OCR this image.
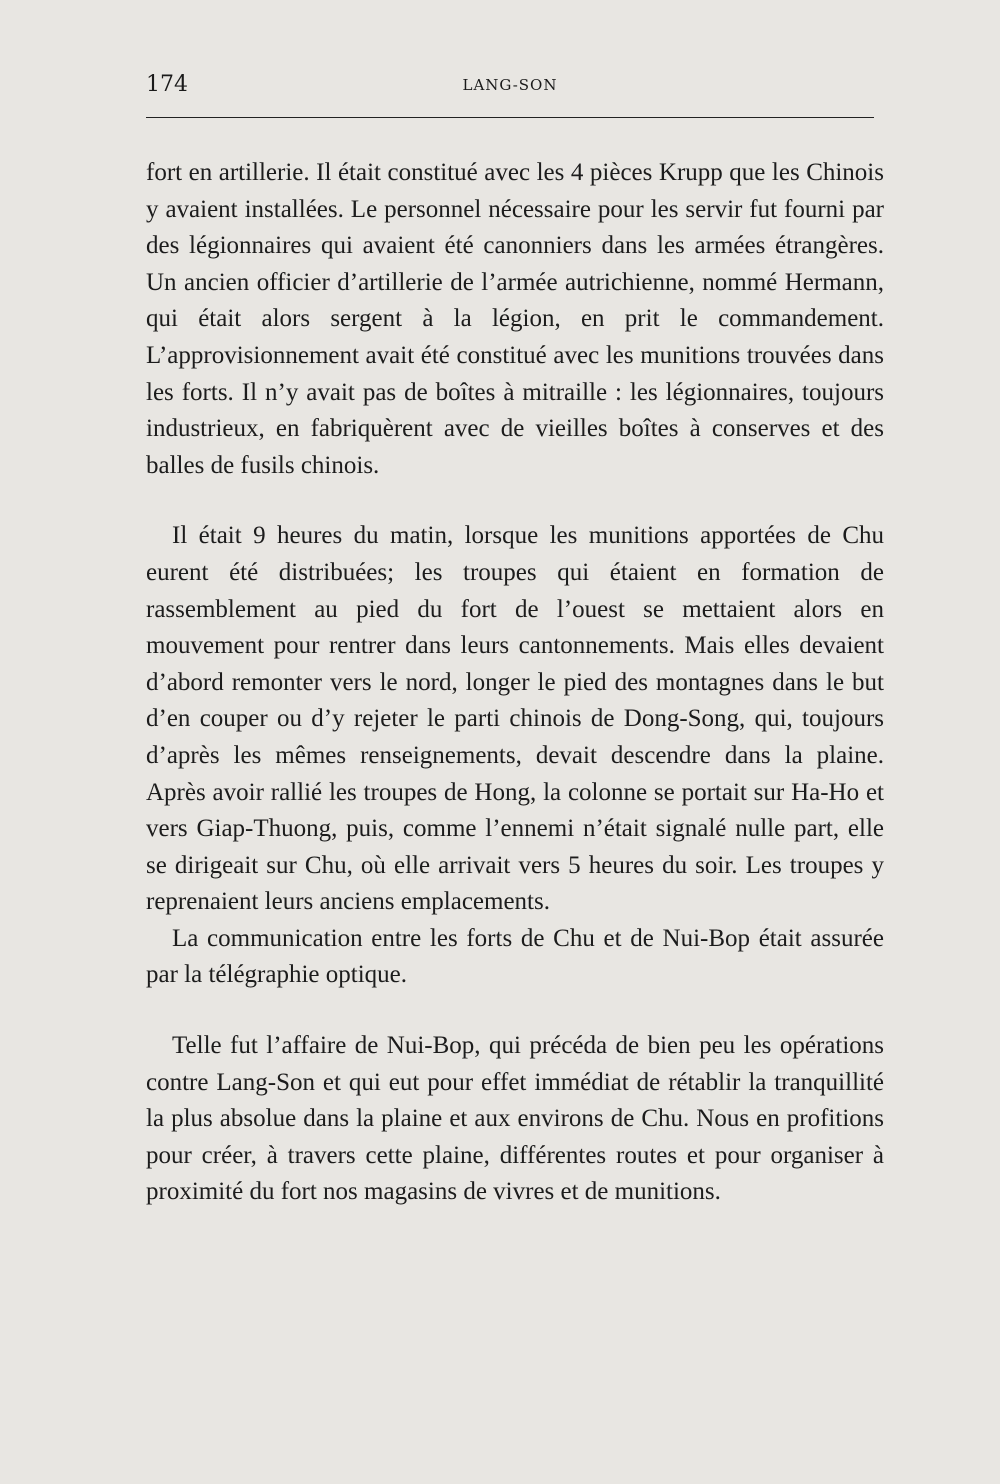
174	LANG-SON

fort en artillerie. Il était constitué avec les 4 pièces Krupp que les Chinois y avaient installées. Le personnel nécessaire pour les servir fut fourni par des légionnaires qui avaient été canonniers dans les armées étrangères. Un ancien officier d’artillerie de l’armée autrichienne, nommé Hermann, qui était alors sergent à la légion, en prit le commandement. L’approvisionnement avait été constitué avec les munitions trouvées dans les forts. Il n’y avait pas de boîtes à mitraille : les légionnaires, toujours industrieux, en fabriquèrent avec de vieilles boîtes à conserves et des balles de fusils chinois.

Il était 9 heures du matin, lorsque les munitions apportées de Chu eurent été distribuées; les troupes qui étaient en formation de rassemblement au pied du fort de l’ouest se mettaient alors en mouvement pour rentrer dans leurs cantonnements. Mais elles devaient d’abord remonter vers le nord, longer le pied des montagnes dans le but d’en couper ou d’y rejeter le parti chinois de Dong-Song, qui, toujours d’après les mêmes renseignements, devait descendre dans la plaine. Après avoir rallié les troupes de Hong, la colonne se portait sur Ha-Ho et vers Giap-Thuong, puis, comme l’ennemi n’était signalé nulle part, elle se dirigeait sur Chu, où elle arrivait vers 5 heures du soir. Les troupes y reprenaient leurs anciens emplacements.

La communication entre les forts de Chu et de Nui-Bop était assurée par la télégraphie optique.

Telle fut l’affaire de Nui-Bop, qui précéda de bien peu les opérations contre Lang-Son et qui eut pour effet immédiat de rétablir la tranquillité la plus absolue dans la plaine et aux environs de Chu. Nous en profitions pour créer, à travers cette plaine, différentes routes et pour organiser à proximité du fort nos magasins de vivres et de munitions.
